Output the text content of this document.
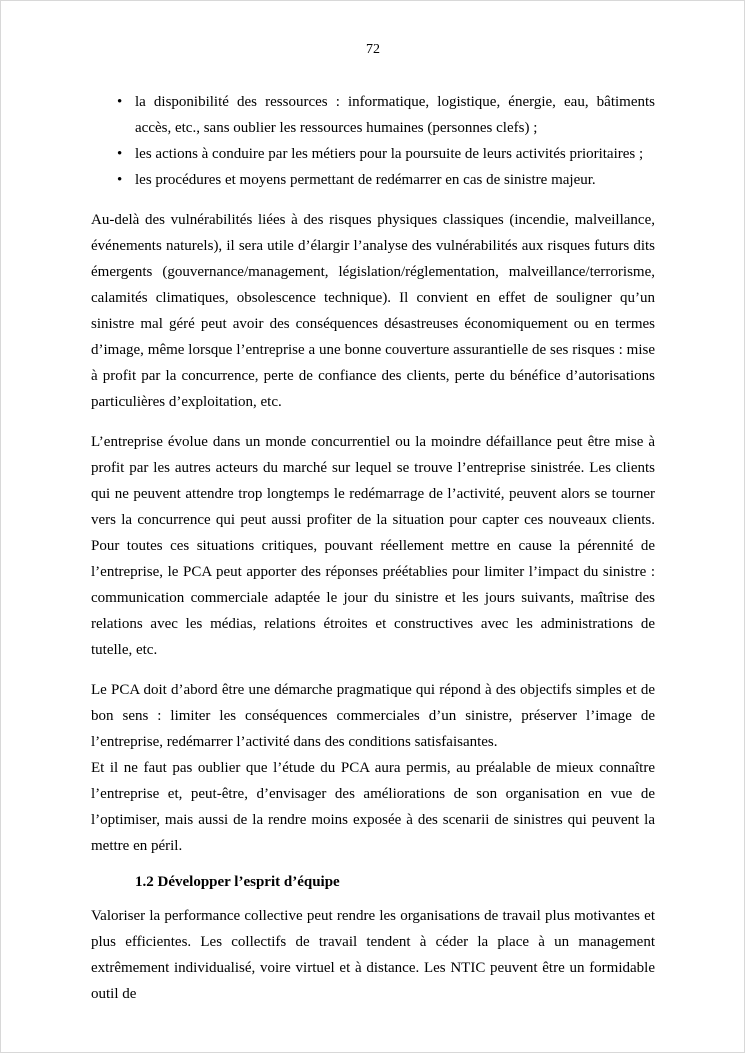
72
• la disponibilité des ressources : informatique, logistique, énergie, eau, bâtiments accès, etc., sans oublier les ressources humaines (personnes clefs) ;
• les actions à conduire par les métiers pour la poursuite de leurs activités prioritaires ;
• les procédures et moyens permettant de redémarrer en cas de sinistre majeur.

Au-delà des vulnérabilités liées à des risques physiques classiques (incendie, malveillance, événements naturels), il sera utile d’élargir l’analyse des vulnérabilités aux risques futurs dits émergents (gouvernance/management, législation/réglementation, malveillance/terrorisme, calamités climatiques, obsolescence technique). Il convient en effet de souligner qu’un sinistre mal géré peut avoir des conséquences désastreuses économiquement ou en termes d’image, même lorsque l’entreprise a une bonne couverture assurantielle de ses risques : mise à profit par la concurrence, perte de confiance des clients, perte du bénéfice d’autorisations particulières d’exploitation, etc.

L’entreprise évolue dans un monde concurrentiel ou la moindre défaillance peut être mise à profit par les autres acteurs du marché sur lequel se trouve l’entreprise sinistrée. Les clients qui ne peuvent attendre trop longtemps le redémarrage de l’activité, peuvent alors se tourner vers la concurrence qui peut aussi profiter de la situation pour capter ces nouveaux clients. Pour toutes ces situations critiques, pouvant réellement mettre en cause la pérennité de l’entreprise, le PCA peut apporter des réponses préétablies pour limiter l’impact du sinistre : communication commerciale adaptée le jour du sinistre et les jours suivants, maîtrise des relations avec les médias, relations étroites et constructives avec les administrations de tutelle, etc.

Le PCA doit d’abord être une démarche pragmatique qui répond à des objectifs simples et de bon sens : limiter les conséquences commerciales d’un sinistre, préserver l’image de l’entreprise, redémarrer l’activité dans des conditions satisfaisantes.

Et il ne faut pas oublier que l’étude du PCA aura permis, au préalable de mieux connaître l’entreprise et, peut-être, d’envisager des améliorations de son organisation en vue de l’optimiser, mais aussi de la rendre moins exposée à des scenarii de sinistres qui peuvent la mettre en péril.

1.2 Développer l’esprit d’équipe

Valoriser la performance collective peut rendre les organisations de travail plus motivantes et plus efficientes. Les collectifs de travail tendent à céder la place à un management extrêmement individualisé, voire virtuel et à distance. Les NTIC peuvent être un formidable outil de
